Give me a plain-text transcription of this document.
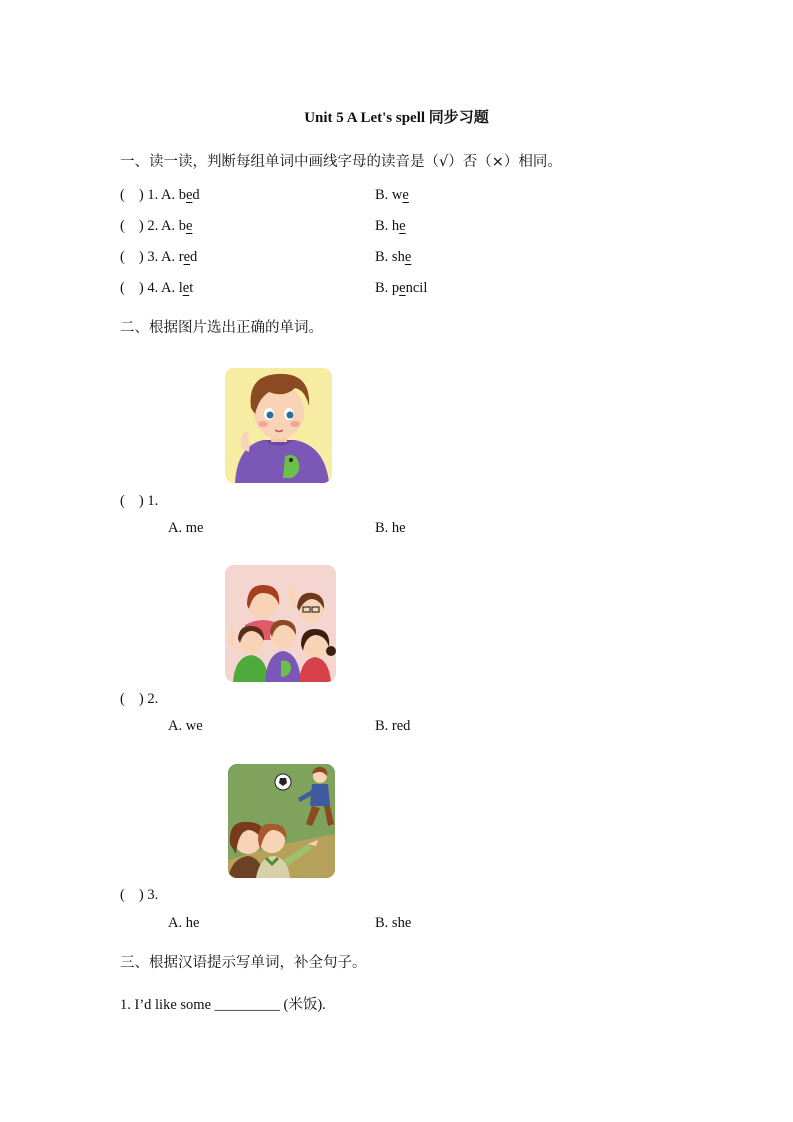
Unit 5 A Let's spell 同步习题
一、读一读，判断每组单词中画线字母的读音是（√）否（×）相同。
( ) 1. A. bed	B. we
( ) 2. A. be	B. he
( ) 3. A. red	B. she
( ) 4. A. let	B. pencil
二、根据图片选出正确的单词。
( ) 1.
A. me	B. he
( ) 2.
A. we	B. red
( ) 3.
A. he	B. she
三、根据汉语提示写单词，补全句子。
1. I’d like some _________ (米饭).
